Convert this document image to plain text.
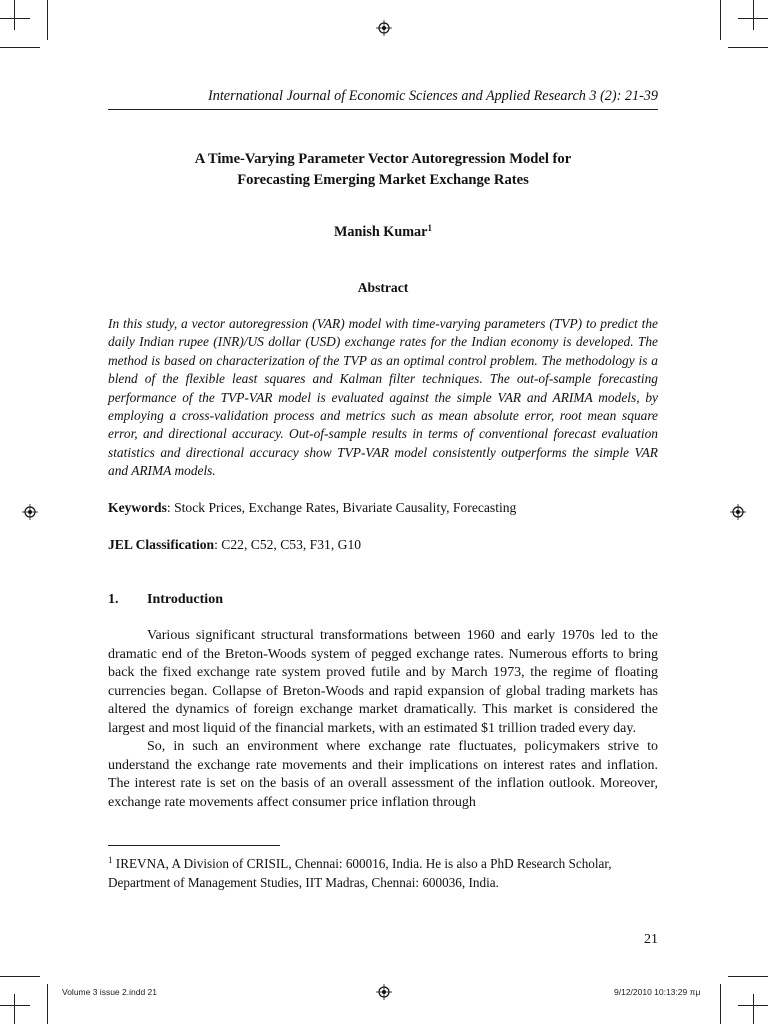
International Journal of Economic Sciences and Applied Research 3 (2): 21-39
A Time-Varying Parameter Vector Autoregression Model for
Forecasting Emerging Market Exchange Rates
Manish Kumar$^1$
Abstract
In this study, a vector autoregression (VAR) model with time-varying parameters (TVP) to predict the daily Indian rupee (INR)/US dollar (USD) exchange rates for the Indian economy is developed. The method is based on characterization of the TVP as an optimal control problem. The methodology is a blend of the flexible least squares and Kalman filter techniques. The out-of-sample forecasting performance of the TVP-VAR model is evaluated against the simple VAR and ARIMA models, by employing a cross-validation process and metrics such as mean absolute error, root mean square error, and directional accuracy. Out-of-sample results in terms of conventional forecast evaluation statistics and directional accuracy show TVP-VAR model consistently outperforms the simple VAR and ARIMA models.
Keywords: Stock Prices, Exchange Rates, Bivariate Causality, Forecasting
JEL Classification: C22, C52, C53, F31, G10
1. Introduction

Various significant structural transformations between 1960 and early 1970s led to the dramatic end of the Breton-Woods system of pegged exchange rates. Numerous efforts to bring back the fixed exchange rate system proved futile and by March 1973, the regime of floating currencies began. Collapse of Breton-Woods and rapid expansion of global trading markets has altered the dynamics of foreign exchange market dramatically. This market is considered the largest and most liquid of the financial markets, with an estimated $1 trillion traded every day.

So, in such an environment where exchange rate fluctuates, policymakers strive to understand the exchange rate movements and their implications on interest rates and inflation. The interest rate is set on the basis of an overall assessment of the inflation outlook. Moreover, exchange rate movements affect consumer price inflation through

$^1$ IREVNA, A Division of CRISIL, Chennai: 600016, India. He is also a PhD Research Scholar, Department of Management Studies, IIT Madras, Chennai: 600036, India.
21
Volume 3 issue 2.indd 21	9/12/2010 10:13:29 πμ
